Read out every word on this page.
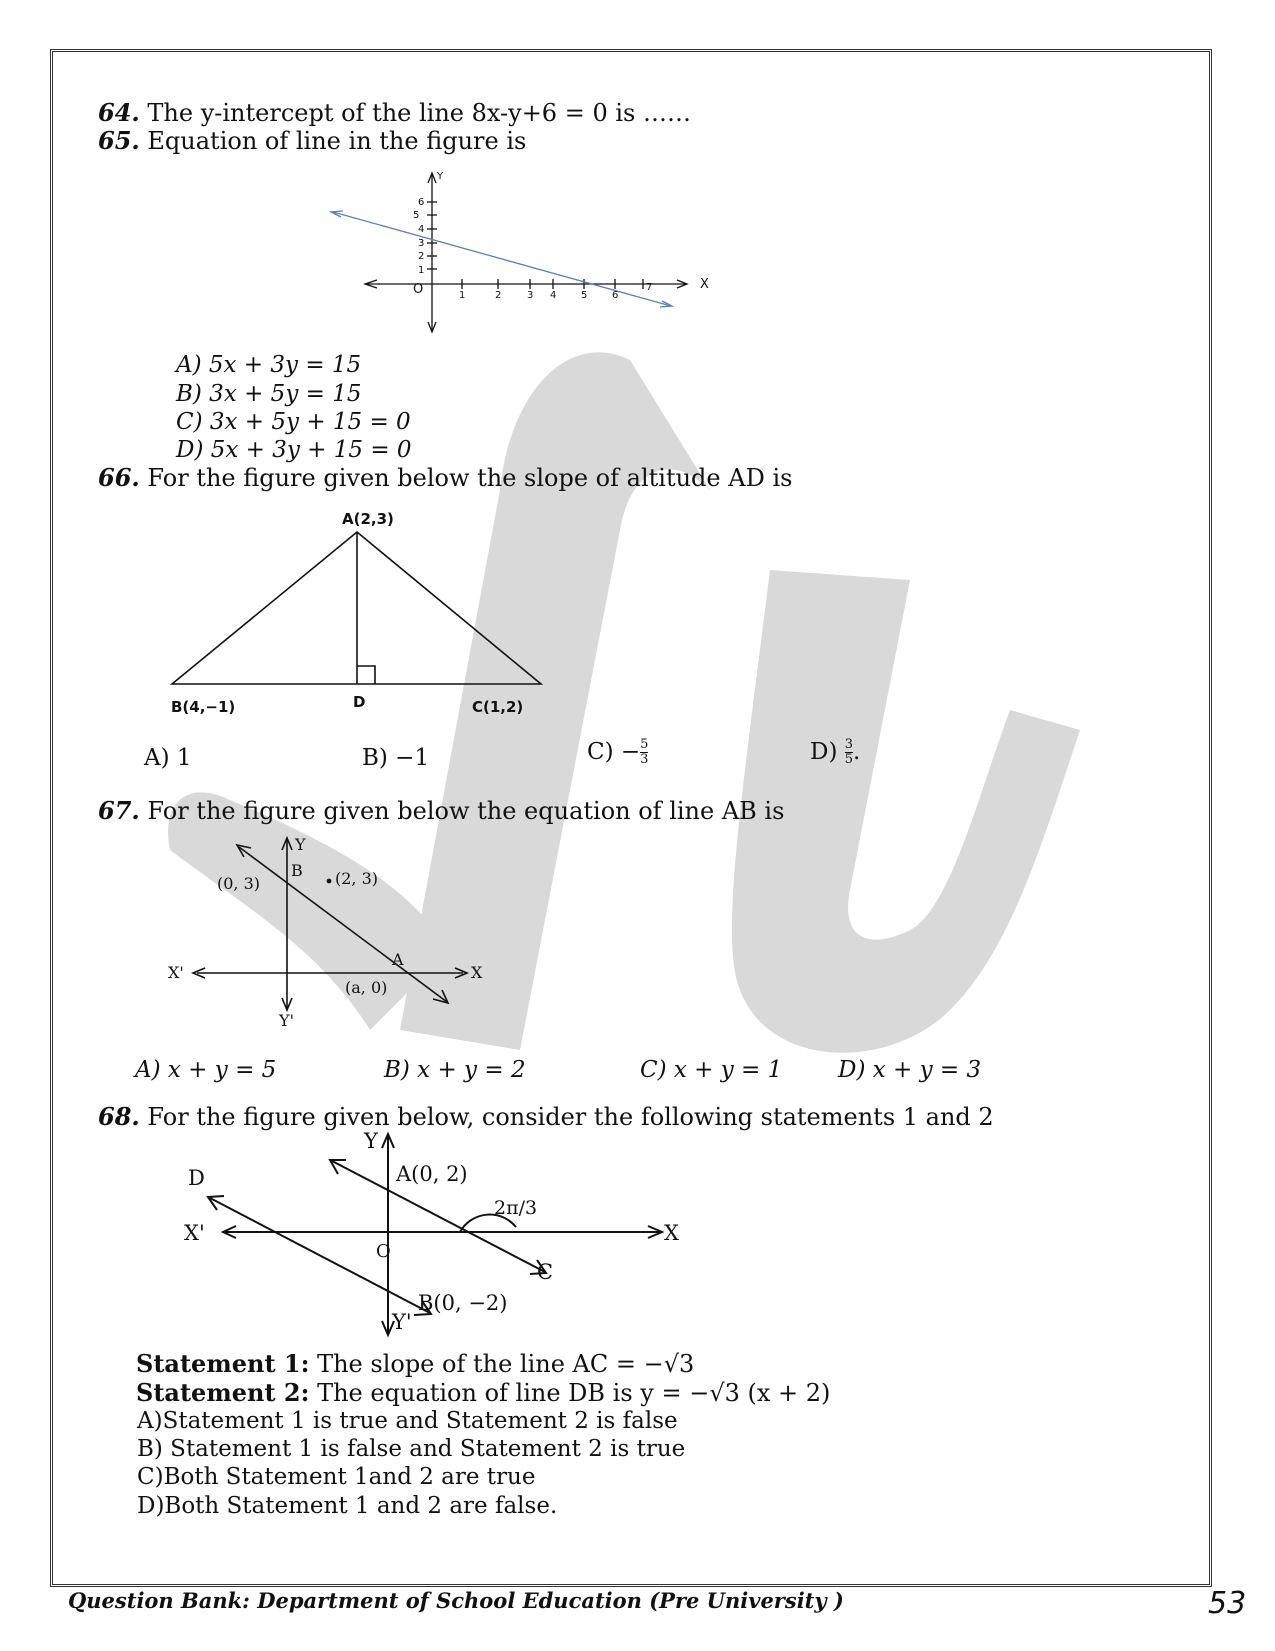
64. The y-intercept of the line 8x-y+6 = 0 is ……
65. Equation of line in the figure is
Y
X
O
1
2
3
4
5
6
1	2	3 4 5 6
7
A) 5x + 3y = 15
B) 3x + 5y = 15
C) 3x + 5y + 15 = 0
D) 5x + 3y + 15 = 0
66. For the figure given below the slope of altitude AD is
A(2,3)
B(4,−1)	D	C(1,2)
A) 1	B) −1	$C) - \frac{5}{3}$	$D) \frac{3}{5}$ .
67. For the figure given below the equation of line AB is
Y
Y'
X
X'
B
(0, 3)	(2, 3)
A
(a, 0)
A) x + y = 5	B) x + y = 2	C) x + y = 1 D) x + y = 3
68. For the figure given below, consider the following statements 1 and 2
Y
Y'
X
X'
O
A(0, 2)
B(0, −2)
C
D
2π/3
Statement 1: The slope of the line AC = −√3
Statement 2: The equation of line DB is y = −√3 (x + 2)
A)Statement 1 is true and Statement 2 is false
B) Statement 1 is false and Statement 2 is true
C)Both Statement 1and 2 are true
D)Both Statement 1 and 2 are false.
Question Bank: Department of School Education (Pre University )	53
